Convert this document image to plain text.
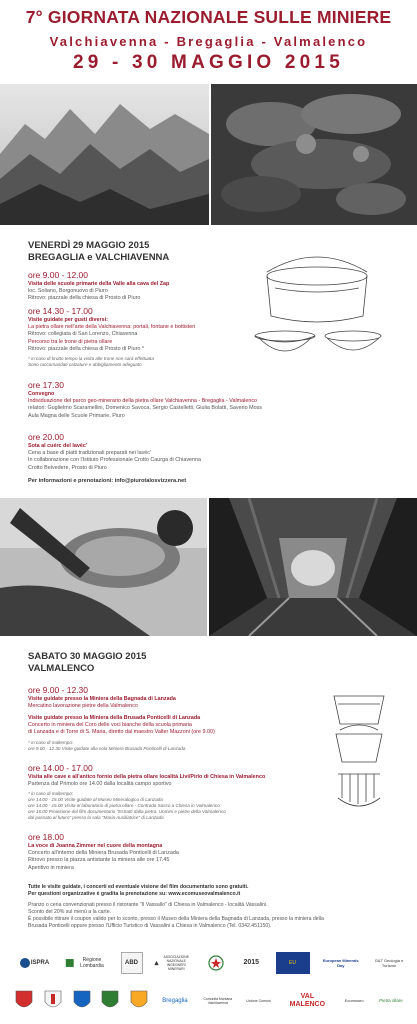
7° GIORNATA NAZIONALE SULLE MINIERE
Valchiavenna - Bregaglia - Valmalenco
29 - 30 MAGGIO 2015
VENERDÌ 29 MAGGIO 2015
BREGAGLIA e VALCHIAVENNA
ore 9.00 - 12.00
Visita delle scuole primarie della Valle alla cava del Zap
loc. Soliano, Borgonuovo di Piuro
Ritrovo: piazzale della chiesa di Prosto di Piuro
ore 14.30 - 17.00
Visite guidate per gusti diversi:
La pietra ollare nell'arte della Valchiavenna: portali, fontane e bottisteri
Ritrovo: collegiata di San Lorenzo, Chiavenna
Percorso tra le trone di pietra ollare
Ritrovo: piazzale della chiesa di Prosto di Piuro *
* in caso di brutto tempo la visita alle trone non sarà effettuata
Sono raccomandati calzature e abbigliamento adeguato
ore 17.30
Convegno
Individuazione del parco geo-minerario della pietra ollare Valchiavenna - Bregaglia - Valmalenco
relatori: Guglielmo Scaramellini, Domenico Savoca, Sergio Castelletti, Giulia Bolatti, Saverio Moss
Aula Magna delle Scuole Primarie, Piuro
ore 20.00
Sota al cuérc del lavéc'
Cena a base di piatti tradizionali preparati nei lavéc'
In collaborazione con l'Istituto Professionale Crotto Caurga di Chiavenna
Crotto Belvedere, Prosto di Piuro
Per informazioni e prenotazioni: info@piurotalosvizzera.net
SABATO 30 MAGGIO 2015
VALMALENCO
ore 9.00 - 12.30
Visite guidate presso la Miniera della Bagnada di Lanzada
Mercatino lavorazione pietre della Valmalenco
Visite guidate presso la Miniera della Brusada Ponticelli di Lanzada
Concerto in miniera del Coro delle voci bianche della scuola primaria
di Lanzada e di Torre di S. Maria, diretto dal maestro Valter Mazzoni (ore 9.00)
* in caso di maltempo:
ore 9.00 - 12.30 Visite guidate alla sola Miniera Brusada Ponticelli di Lanzada
ore 14.00 - 17.00
Visita alle cave e all'antico fornio della pietra ollare località Livi/Pirlo di Chiesa in Valmalenco
Partenza dal Primolo ore 14.00 dalla località campo sportivo
* in caso di maltempo:
ore 14.00 - 15.00 Visite guidate al Museo Mineralogico di Lanzada
ore 14.00 - 15.00 Visita al laboratorio di pietra ollare - Contrada Sasso a Chiesa in Valmalenco
ore 16.00 Proiezione del film documentario "Estratti dalla pietra. Uomini e pietre della Valmalenco
dal passato al futuro" presso la sala "Maria Ausiliatrice" di Lanzada
ore 18.00
La voce di Joanna Zimmer nel cuore della montagna
Concerto all'interno della Miniera Brusada Ponticelli di Lanzada
Ritrovo presso la piazza antistante la miniera alle ore 17.45
Aperitivo in miniera
Tutte le visite guidate, i concerti ed eventuale visione del film documentario sono gratuiti.
Per questioni organizzative è gradita la prenotazione su: www.ecomuseovalmalenco.it
Pranzo o cena convenzionati presso il ristorante "Il Vassallo" di Chiesa in Valmalenco - località Vassalini.
Sconto del 20% sul menù a la carte.
È possibile ritirare il coupon valido per lo sconto, presso il Museo della Miniera della Bagnada di Lanzada, presso la miniera della
Brusada Ponticelli oppure presso l'Ufficio Turistico di Vassalini a Chiesa in Valmalenco (Tel. 0342.451150).
ISPRA	Regione Lombardia	ABD
ASSOCIAZIONE NAZIONALE INGEGNERI MINERARI
2015	EU	European Minerals Day
G&T Geologia e Turismo
Bregaglia	Comunità Montana Valchiavenna
Unione Comuni
VAL MALENCO
Ecomuseo	Pietra ollare
